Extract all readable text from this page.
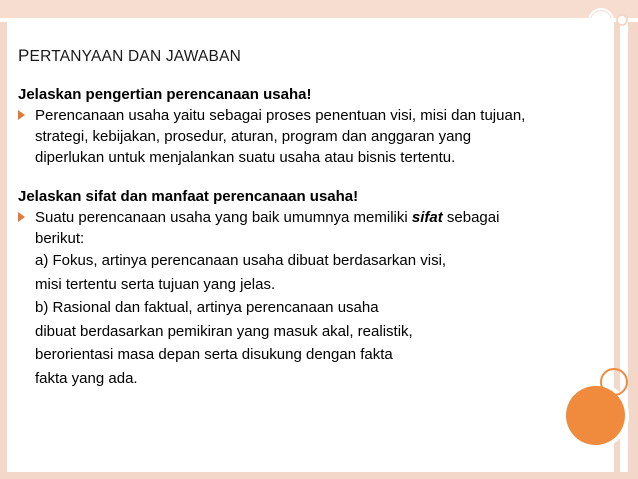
PERTANYAAN DAN JAWABAN

Jelaskan pengertian perencanaan usaha!

Perencanaan usaha yaitu sebagai proses penentuan visi, misi dan tujuan,
strategi, kebijakan, prosedur, aturan, program dan anggaran yang
diperlukan untuk menjalankan suatu usaha atau bisnis tertentu.

Jelaskan sifat dan manfaat perencanaan usaha!

Suatu perencanaan usaha yang baik umumnya memiliki sifat sebagai
berikut:
a) Fokus, artinya perencanaan usaha dibuat berdasarkan visi,
misi tertentu serta tujuan yang jelas.
b) Rasional dan faktual, artinya perencanaan usaha
dibuat berdasarkan pemikiran yang masuk akal, realistik,
berorientasi masa depan serta disukung dengan fakta
fakta yang ada.
